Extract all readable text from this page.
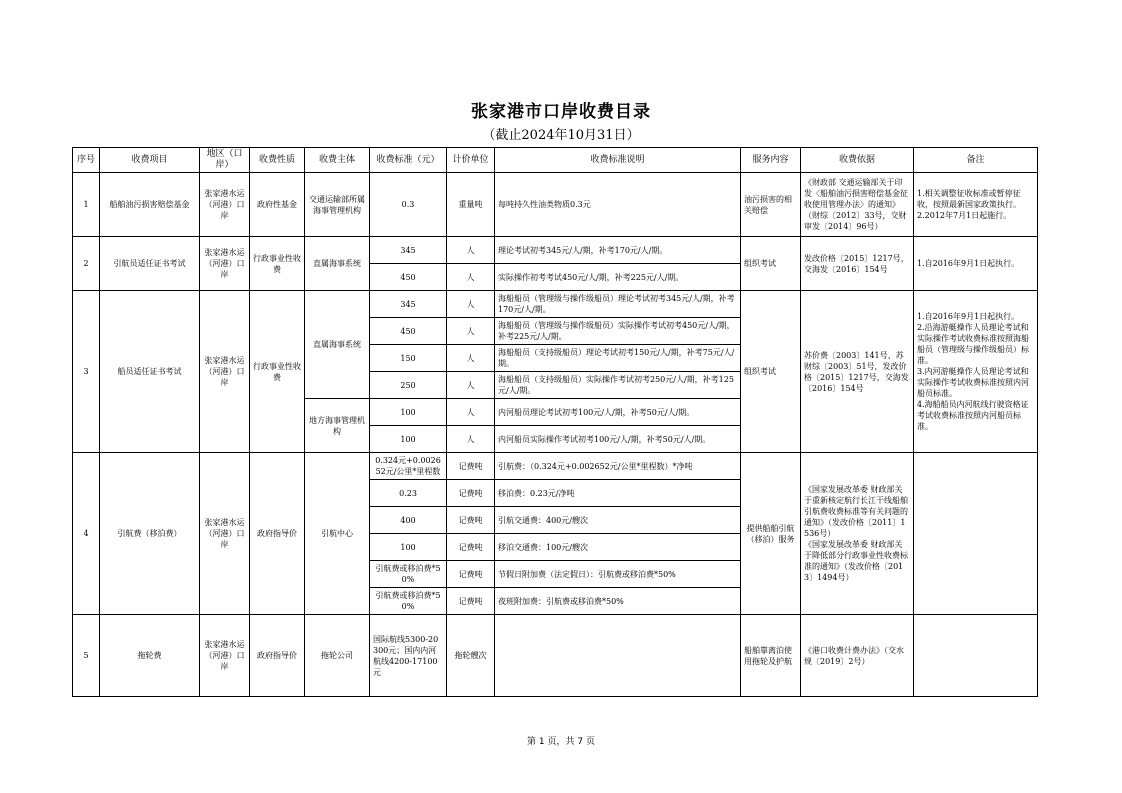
张家港市口岸收费目录
（截止2024年10月31日）
序号	收费项目	地区（口岸）	收费性质	收费主体	收费标准（元）	计价单位	收费标准说明	服务内容	收费依据	备注
1	船舶油污损害赔偿基金	张家港水运（河港）口岸	政府性基金	交通运输部所属海事管理机构	0.3	重量吨	每吨持久性油类物质0.3元	油污损害的相关赔偿	《财政部 交通运输部关于印发〈船舶油污损害赔偿基金征收使用管理办法〉的通知》（财综〔2012〕33号，交财审发〔2014〕96号）	1.相关调整征收标准或暂停征收，按照最新国家政策执行。
2.2012年7月1日起施行。
2	引航员适任证书考试	张家港水运（河港）口岸	行政事业性收费	直属海事系统	345	人	理论考试初考345元/人/期，补考170元/人/期。	组织考试	发改价格〔2015〕1217号，交海发〔2016〕154号	1.自2016年9月1日起执行。
					450	人	实际操作初考考试450元/人/期，补考225元/人/期。			
3	船员适任证书考试	张家港水运（河港）口岸	行政事业性收费	直属海事系统	345	人	海船船员（管理级与操作级船员）理论考试初考345元/人/期，补考170元/人/期。	组织考试	苏价费〔2003〕141号、苏财综〔2003〕51号，发改价格〔2015〕1217号，交海发〔2016〕154号	1.自2016年9月1日起执行。
2.沿海游艇操作人员理论考试和实际操作考试收费标准按照海船船员（管理级与操作级船员）标准。
3.内河游艇操作人员理论考试和实际操作考试收费标准按照内河船员标准。
4.海船船员内河航线行驶资格证考试收费标准按照内河船员标准。
					450	人	海船船员（管理级与操作级船员）实际操作考试初考450元/人/期，补考225元/人/期。			
					150	人	海船船员（支持级船员）理论考试初考150元/人/期，补考75元/人/期。			
					250	人	海船船员（支持级船员）实际操作考试初考250元/人/期，补考125元/人/期。			
				地方海事管理机构	100	人	内河船员理论考试初考100元/人/期，补考50元/人/期。			
					100	人	内河船员实际操作考试初考100元/人/期，补考50元/人/期。			
4	引航费（移泊费）	张家港水运（河港）口岸	政府指导价	引航中心	0.324元+0.002652元/公里*里程数	记费吨	引航费：（0.324元+0.002652元/公里*里程数）*净吨	提供船舶引航（移泊）服务	《国家发展改革委 财政部关于重新核定航行长江干线船舶引航费收费标准等有关问题的通知》（发改价格〔2011〕1536号）
《国家发展改革委 财政部关于降低部分行政事业性收费标准的通知》（发改价格〔2013〕1494号）	
					0.23	记费吨	移泊费：0.23元/净吨			
					400	记费吨	引航交通费：400元/艘次			
					100	记费吨	移泊交通费：100元/艘次			
					引航费或移泊费*50%	记费吨	节假日附加费（法定假日）：引航费或移泊费*50%			
					引航费或移泊费*50%	记费吨	夜班附加费：引航费或移泊费*50%			
5	拖轮费	张家港水运（河港）口岸	政府指导价	拖轮公司	国际航线5300-20300元；国内内河航线4200-17100元	拖轮艘次		船舶靠离泊使用拖轮及护航	《港口收费计费办法》（交水规〔2019〕2号）	
第 1 页，共 7 页
